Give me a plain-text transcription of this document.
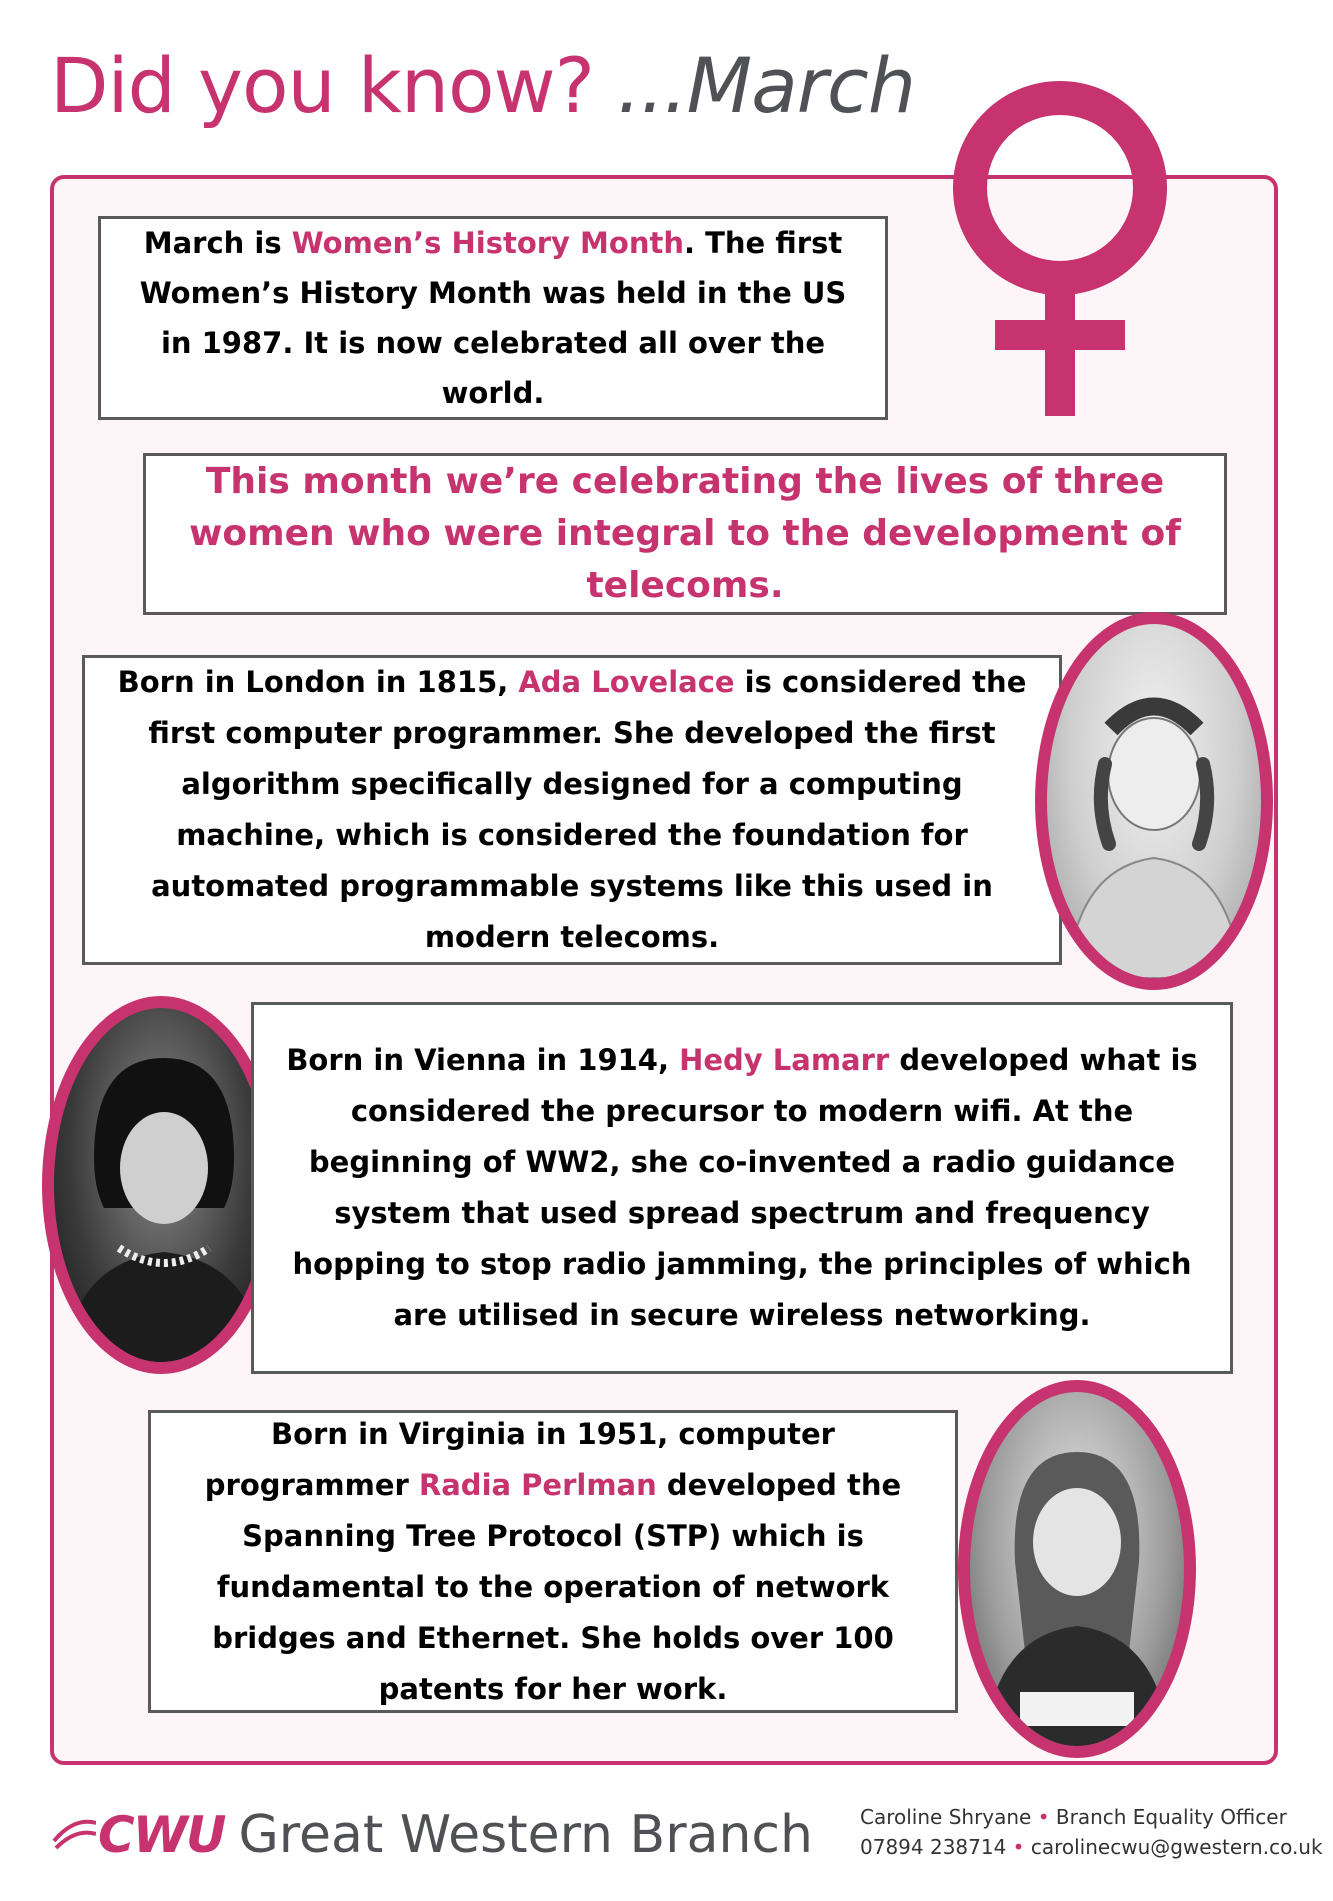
Did you know? ...March

March is Women’s History Month. The first Women’s History Month was held in the US in 1987. It is now celebrated all over the world.

This month we’re celebrating the lives of three women who were integral to the development of telecoms.

Born in London in 1815, Ada Lovelace is considered the first computer programmer. She developed the first algorithm specifically designed for a computing machine, which is considered the foundation for automated programmable systems like this used in modern telecoms.

Born in Vienna in 1914, Hedy Lamarr developed what is considered the precursor to modern wifi. At the beginning of WW2, she co-invented a radio guidance system that used spread spectrum and frequency hopping to stop radio jamming, the principles of which are utilised in secure wireless networking.

Born in Virginia in 1951, computer programmer Radia Perlman developed the Spanning Tree Protocol (STP) which is fundamental to the operation of network bridges and Ethernet. She holds over 100 patents for her work.

CWU Great Western Branch Caroline Shryane • Branch Equality Officer
07894 238714 • carolinecwu@gwestern.co.uk
